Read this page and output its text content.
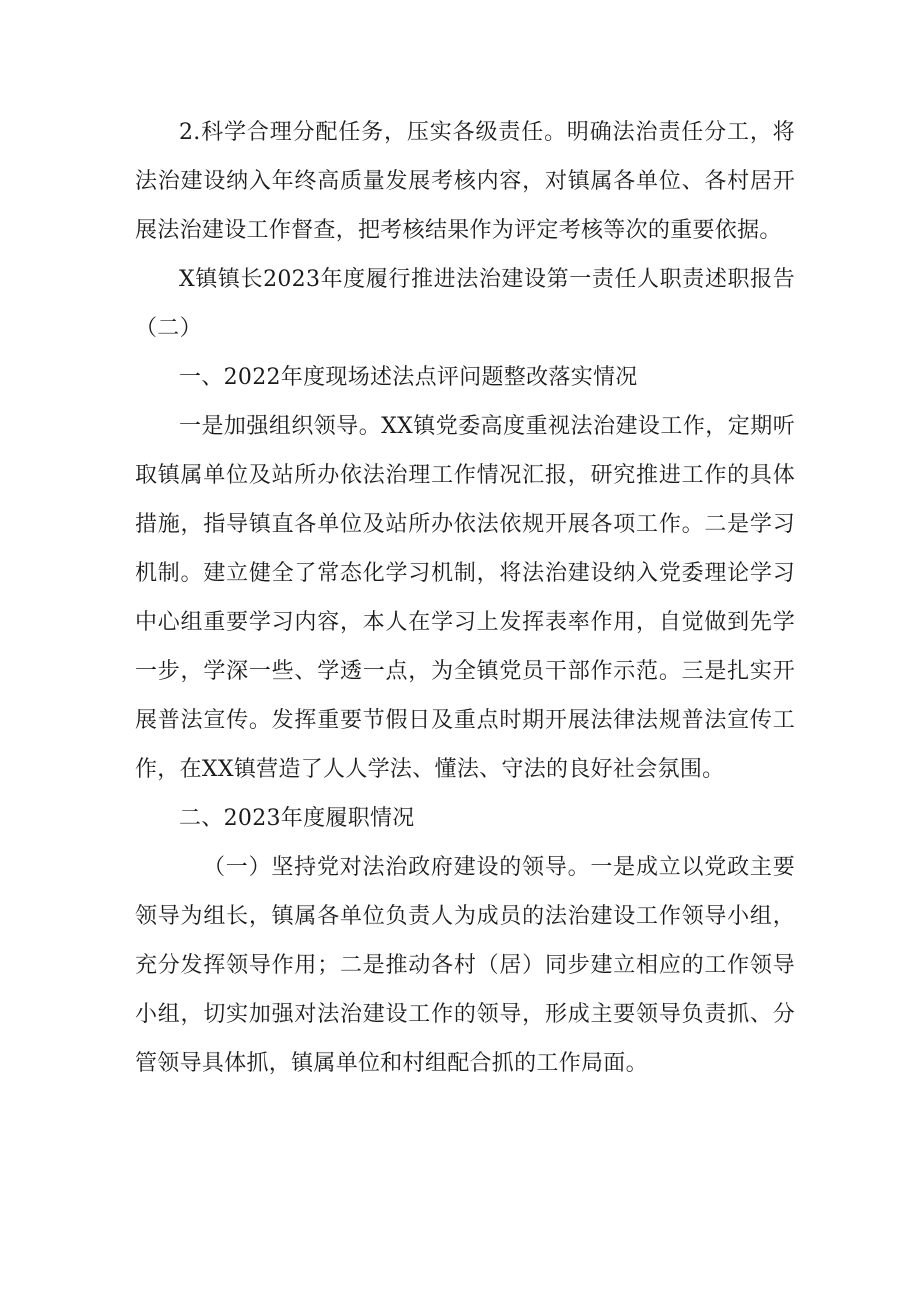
2.科学合理分配任务，压实各级责任。明确法治责任分工，将法治建设纳入年终高质量发展考核内容，对镇属各单位、各村居开展法治建设工作督查，把考核结果作为评定考核等次的重要依据。

X镇镇长2023年度履行推进法治建设第一责任人职责述职报告（二）

一、2022年度现场述法点评问题整改落实情况

一是加强组织领导。XX镇党委高度重视法治建设工作，定期听取镇属单位及站所办依法治理工作情况汇报，研究推进工作的具体措施，指导镇直各单位及站所办依法依规开展各项工作。二是学习机制。建立健全了常态化学习机制，将法治建设纳入党委理论学习中心组重要学习内容，本人在学习上发挥表率作用，自觉做到先学一步，学深一些、学透一点，为全镇党员干部作示范。三是扎实开展普法宣传。发挥重要节假日及重点时期开展法律法规普法宣传工作，在XX镇营造了人人学法、懂法、守法的良好社会氛围。

二、2023年度履职情况

（一）坚持党对法治政府建设的领导。一是成立以党政主要领导为组长，镇属各单位负责人为成员的法治建设工作领导小组，充分发挥领导作用；二是推动各村（居）同步建立相应的工作领导小组，切实加强对法治建设工作的领导，形成主要领导负责抓、分管领导具体抓，镇属单位和村组配合抓的工作局面。
